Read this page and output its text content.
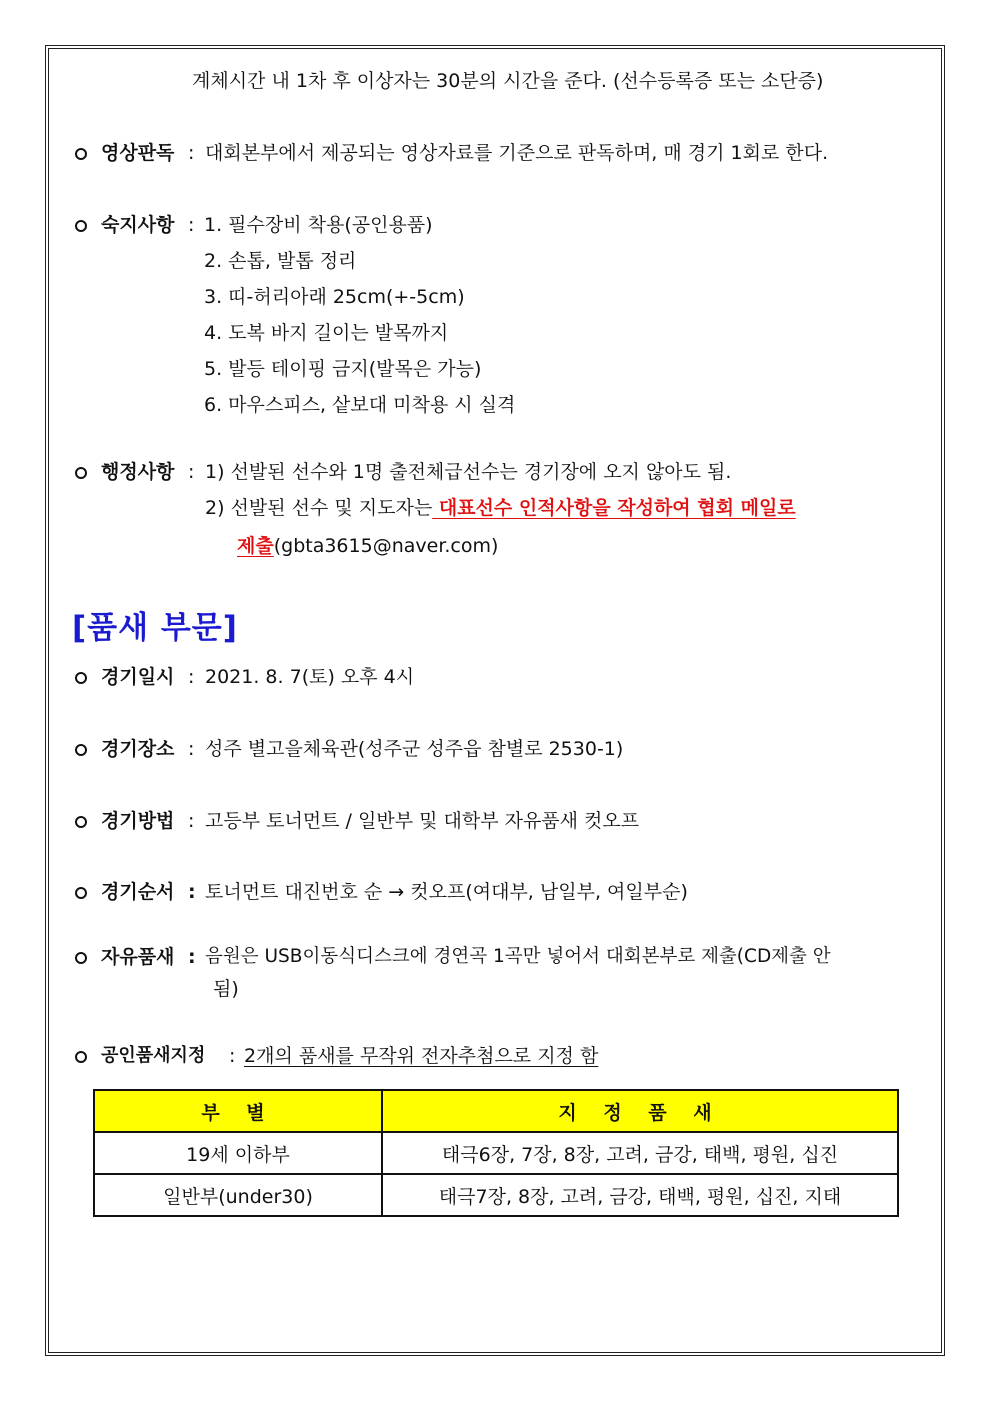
계체시간 내 1차 후 이상자는 30분의 시간을 준다. (선수등록증 또는 소단증)
영상판독 : 대회본부에서 제공되는 영상자료를 기준으로 판독하며, 매 경기 1회로 한다.
숙지사항 : 1. 필수장비 착용(공인용품)
2. 손톱, 발톱 정리
3. 띠-허리아래 25cm(+-5cm)
4. 도복 바지 길이는 발목까지
5. 발등 테이핑 금지(발목은 가능)
6. 마우스피스, 샅보대 미착용 시 실격
행정사항 : 1) 선발된 선수와 1명 출전체급선수는 경기장에 오지 않아도 됨.
2) 선발된 선수 및 지도자는 대표선수 인적사항을 작성하여 협회 메일로
제출(gbta3615@naver.com)
[품새 부문]
경기일시 : 2021. 8. 7(토) 오후 4시
경기장소 : 성주 별고을체육관(성주군 성주읍 참별로 2530-1)
경기방법 : 고등부 토너먼트 / 일반부 및 대학부 자유품새 컷오프
경기순서 : 토너먼트 대진번호 순 → 컷오프(여대부, 남일부, 여일부순)
자유품새 : 음원은 USB이동식디스크에 경연곡 1곡만 넣어서 대회본부로 제출(CD제출 안
됨)
공인품새지정 : 2개의 품새를 무작위 전자추첨으로 지정 함
부 별	지 정 품 새
19세 이하부	태극6장, 7장, 8장, 고려, 금강, 태백, 평원, 십진
일반부(under30)	태극7장, 8장, 고려, 금강, 태백, 평원, 십진, 지태
